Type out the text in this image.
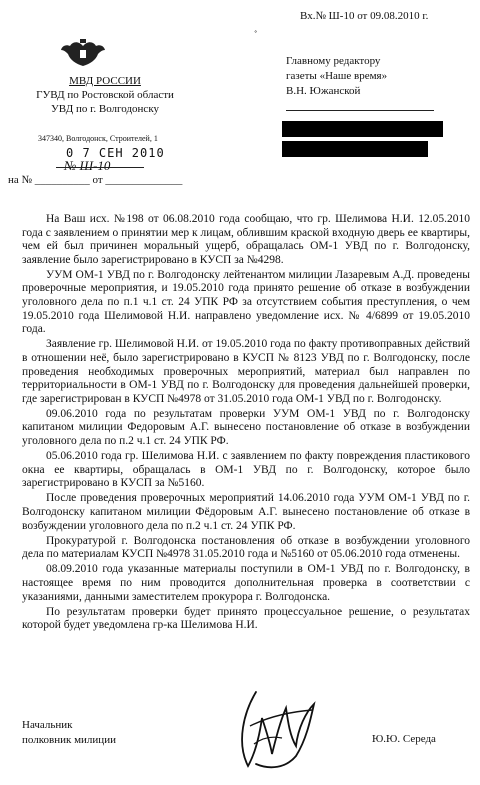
Вх.№ Ш-10 от 09.08.2010 г.
˚
Главному редактору
газеты «Наше время»
В.Н. Южанской
МВД РОССИИ
ГУВД по Ростовской области
УВД по г. Волгодонску
347340, Волгодонск, Строителей, 1
0 7 СЕН 2010
№ Ш-10
на № __________ от ______________

На Ваш исх. №198 от 06.08.2010 года сообщаю, что гр. Шелимова Н.И. 12.05.2010 года с заявлением о принятии мер к лицам, облившим краской входную дверь ее квартиры, чем ей был причинен моральный ущерб, обращалась ОМ-1 УВД по г. Волгодонску, заявление было зарегистрировано в КУСП за №4298.

УУМ ОМ-1 УВД по г. Волгодонску лейтенантом милиции Лазаревым А.Д. проведены проверочные мероприятия, и 19.05.2010 года принято решение об отказе в возбуждении уголовного дела по п.1 ч.1 ст. 24 УПК РФ за отсутствием события преступления, о чем 19.05.2010 года Шелимовой Н.И. направлено уведомление исх. № 4/6899 от 19.05.2010 года.

Заявление гр. Шелимовой Н.И. от 19.05.2010 года по факту противоправных действий в отношении неё, было зарегистрировано в КУСП № 8123 УВД по г. Волгодонску, после проведения необходимых проверочных мероприятий, материал был направлен по территориальности в ОМ-1 УВД по г. Волгодонску для проведения дальнейшей проверки, где зарегистрирован в КУСП №4978 от 31.05.2010 года ОМ-1 УВД по г. Волгодонску.

09.06.2010 года по результатам проверки УУМ ОМ-1 УВД по г. Волгодонску капитаном милиции Федоровым А.Г. вынесено постановление об отказе в возбуждении уголовного дела по п.2 ч.1 ст. 24 УПК РФ.

05.06.2010 года гр. Шелимова Н.И. с заявлением по факту повреждения пластикового окна ее квартиры, обращалась в ОМ-1 УВД по г. Волгодонску, которое было зарегистрировано в КУСП за №5160.

После проведения проверочных мероприятий 14.06.2010 года УУМ ОМ-1 УВД по г. Волгодонску капитаном милиции Фёдоровым А.Г. вынесено постановление об отказе в возбуждении уголовного дела по п.2 ч.1 ст. 24 УПК РФ.

Прокуратурой г. Волгодонска постановления об отказе в возбуждении уголовного дела по материалам КУСП №4978 31.05.2010 года и №5160 от 05.06.2010 года отменены.

08.09.2010 года указанные материалы поступили в ОМ-1 УВД по г. Волгодонску, в настоящее время по ним проводится дополнительная проверка в соответствии с указаниями, данными заместителем прокурора г. Волгодонска.

По результатам проверки будет принято процессуальное решение, о результатах которой будет уведомлена гр-ка Шелимова Н.И.

Начальник
полковник милиции	Ю.Ю. Середа
